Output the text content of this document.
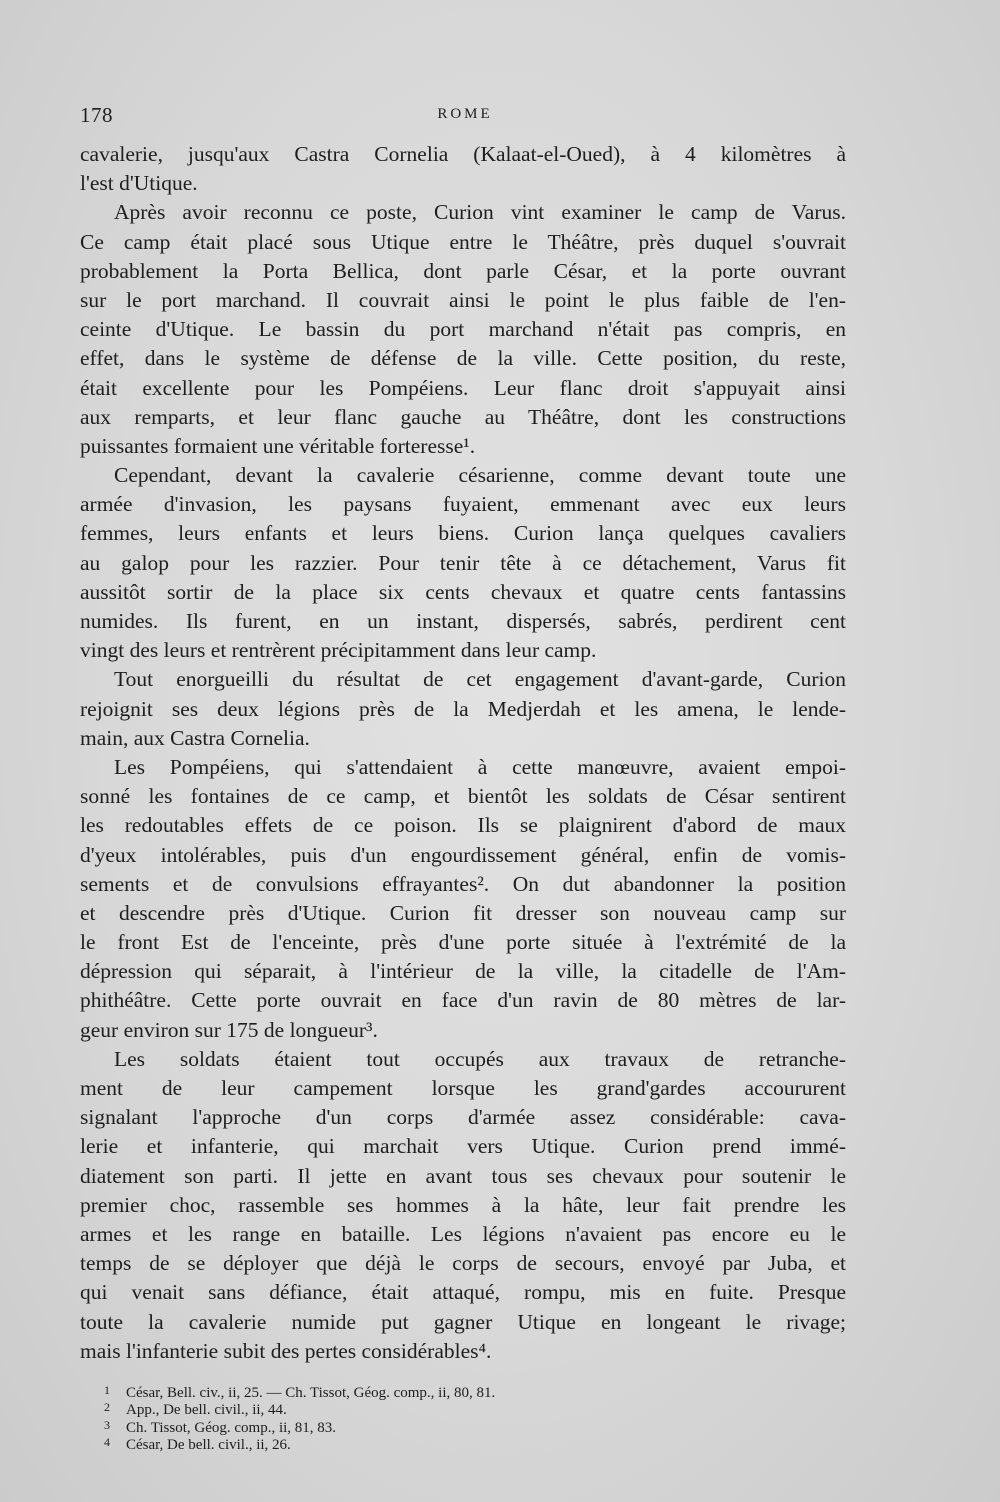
178	ROME
cavalerie, jusqu'aux Castra Cornelia (Kalaat-el-Oued), à 4 kilomètres à
l'est d'Utique.
Après avoir reconnu ce poste, Curion vint examiner le camp de Varus.
Ce camp était placé sous Utique entre le Théâtre, près duquel s'ouvrait
probablement la Porta Bellica, dont parle César, et la porte ouvrant
sur le port marchand. Il couvrait ainsi le point le plus faible de l'en-
ceinte d'Utique. Le bassin du port marchand n'était pas compris, en
effet, dans le système de défense de la ville. Cette position, du reste,
était excellente pour les Pompéiens. Leur flanc droit s'appuyait ainsi
aux remparts, et leur flanc gauche au Théâtre, dont les constructions
puissantes formaient une véritable forteresse¹.
Cependant, devant la cavalerie césarienne, comme devant toute une
armée d'invasion, les paysans fuyaient, emmenant avec eux leurs
femmes, leurs enfants et leurs biens. Curion lança quelques cavaliers
au galop pour les razzier. Pour tenir tête à ce détachement, Varus fit
aussitôt sortir de la place six cents chevaux et quatre cents fantassins
numides. Ils furent, en un instant, dispersés, sabrés, perdirent cent
vingt des leurs et rentrèrent précipitamment dans leur camp.
Tout enorgueilli du résultat de cet engagement d'avant-garde, Curion
rejoignit ses deux légions près de la Medjerdah et les amena, le lende-
main, aux Castra Cornelia.
Les Pompéiens, qui s'attendaient à cette manœuvre, avaient empoi-
sonné les fontaines de ce camp, et bientôt les soldats de César sentirent
les redoutables effets de ce poison. Ils se plaignirent d'abord de maux
d'yeux intolérables, puis d'un engourdissement général, enfin de vomis-
sements et de convulsions effrayantes². On dut abandonner la position
et descendre près d'Utique. Curion fit dresser son nouveau camp sur
le front Est de l'enceinte, près d'une porte située à l'extrémité de la
dépression qui séparait, à l'intérieur de la ville, la citadelle de l'Am-
phithéâtre. Cette porte ouvrait en face d'un ravin de 80 mètres de lar-
geur environ sur 175 de longueur³.
Les soldats étaient tout occupés aux travaux de retranche-
ment de leur campement lorsque les grand'gardes accoururent
signalant l'approche d'un corps d'armée assez considérable: cava-
lerie et infanterie, qui marchait vers Utique. Curion prend immé-
diatement son parti. Il jette en avant tous ses chevaux pour soutenir le
premier choc, rassemble ses hommes à la hâte, leur fait prendre les
armes et les range en bataille. Les légions n'avaient pas encore eu le
temps de se déployer que déjà le corps de secours, envoyé par Juba, et
qui venait sans défiance, était attaqué, rompu, mis en fuite. Presque
toute la cavalerie numide put gagner Utique en longeant le rivage;
mais l'infanterie subit des pertes considérables⁴.
1 César, Bell. civ., ii, 25. — Ch. Tissot, Géog. comp., ii, 80, 81.
2 App., De bell. civil., ii, 44.
3 Ch. Tissot, Géog. comp., ii, 81, 83.
4 César, De bell. civil., ii, 26.
